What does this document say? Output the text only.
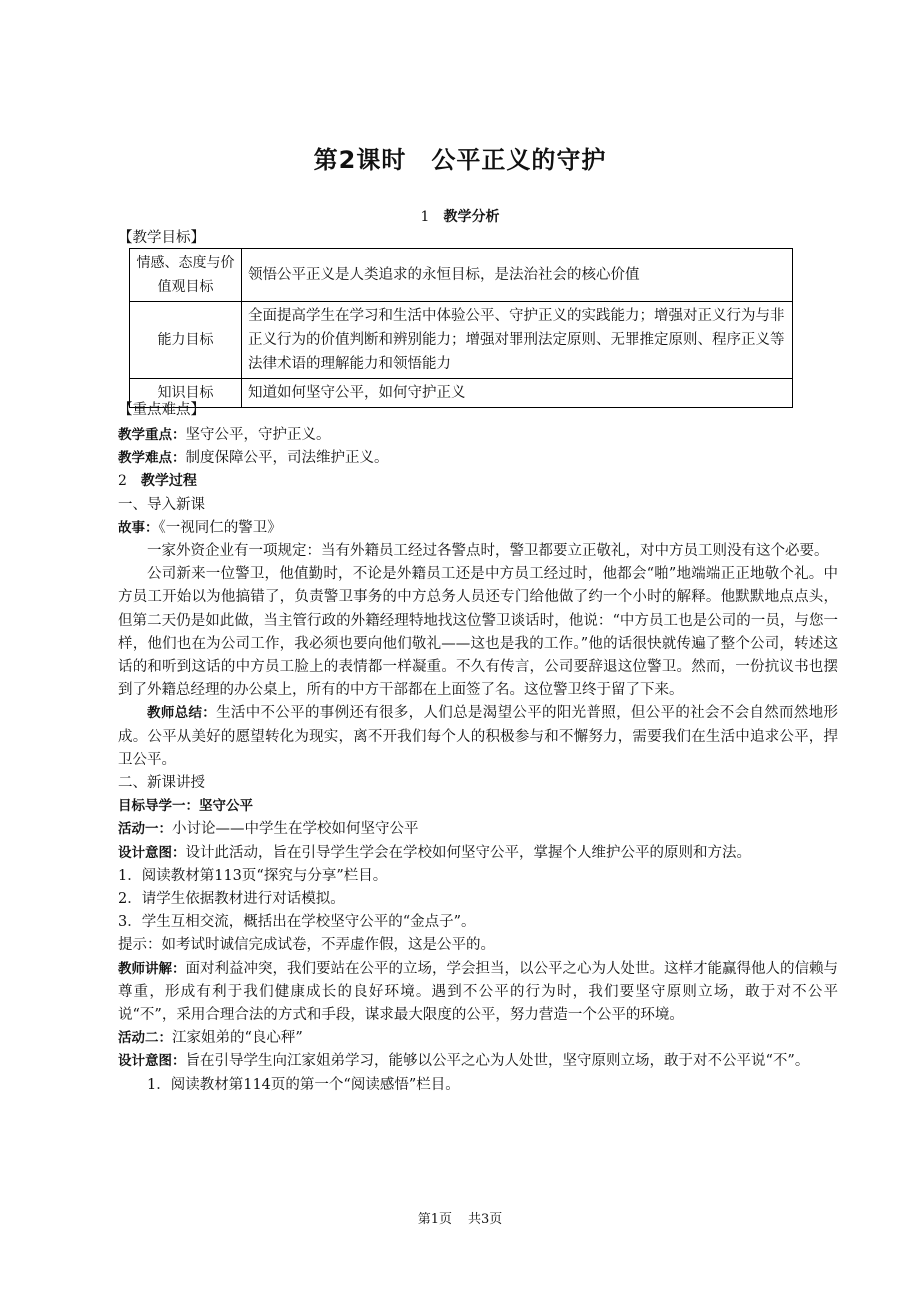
第2课时　公平正义的守护
1 教学分析
【教学目标】
情感、态度与价值观目标	领悟公平正义是人类追求的永恒目标，是法治社会的核心价值
能力目标	全面提高学生在学习和生活中体验公平、守护正义的实践能力；增强对正义行为与非正义行为的价值判断和辨别能力；增强对罪刑法定原则、无罪推定原则、程序正义等法律术语的理解能力和领悟能力
知识目标	知道如何坚守公平，如何守护正义
【重点难点】

教学重点：坚守公平，守护正义。

教学难点：制度保障公平，司法维护正义。

2 教学过程

一、导入新课

故事：《一视同仁的警卫》

一家外资企业有一项规定：当有外籍员工经过各警点时，警卫都要立正敬礼，对中方员工则没有这个必要。

公司新来一位警卫，他值勤时，不论是外籍员工还是中方员工经过时，他都会“啪”地端端正正地敬个礼。中方员工开始以为他搞错了，负责警卫事务的中方总务人员还专门给他做了约一个小时的解释。他默默地点点头，但第二天仍是如此做，当主管行政的外籍经理特地找这位警卫谈话时，他说：“中方员工也是公司的一员，与您一样，他们也在为公司工作，我必须也要向他们敬礼——这也是我的工作。”他的话很快就传遍了整个公司，转述这话的和听到这话的中方员工脸上的表情都一样凝重。不久有传言，公司要辞退这位警卫。然而，一份抗议书也摆到了外籍总经理的办公桌上，所有的中方干部都在上面签了名。这位警卫终于留了下来。

教师总结：生活中不公平的事例还有很多，人们总是渴望公平的阳光普照，但公平的社会不会自然而然地形成。公平从美好的愿望转化为现实，离不开我们每个人的积极参与和不懈努力，需要我们在生活中追求公平，捍卫公平。

二、新课讲授

目标导学一：坚守公平

活动一：小讨论——中学生在学校如何坚守公平

设计意图：设计此活动，旨在引导学生学会在学校如何坚守公平，掌握个人维护公平的原则和方法。

1．阅读教材第113页“探究与分享”栏目。

2．请学生依据教材进行对话模拟。

3．学生互相交流，概括出在学校坚守公平的“金点子”。

提示：如考试时诚信完成试卷，不弄虚作假，这是公平的。

教师讲解：面对利益冲突，我们要站在公平的立场，学会担当，以公平之心为人处世。这样才能赢得他人的信赖与尊重，形成有利于我们健康成长的良好环境。遇到不公平的行为时，我们要坚守原则立场，敢于对不公平说“不”，采用合理合法的方式和手段，谋求最大限度的公平，努力营造一个公平的环境。

活动二：江家姐弟的“良心秤”

设计意图：旨在引导学生向江家姐弟学习，能够以公平之心为人处世，坚守原则立场，敢于对不公平说“不”。

1．阅读教材第114页的第一个“阅读感悟”栏目。

第1页 共3页
